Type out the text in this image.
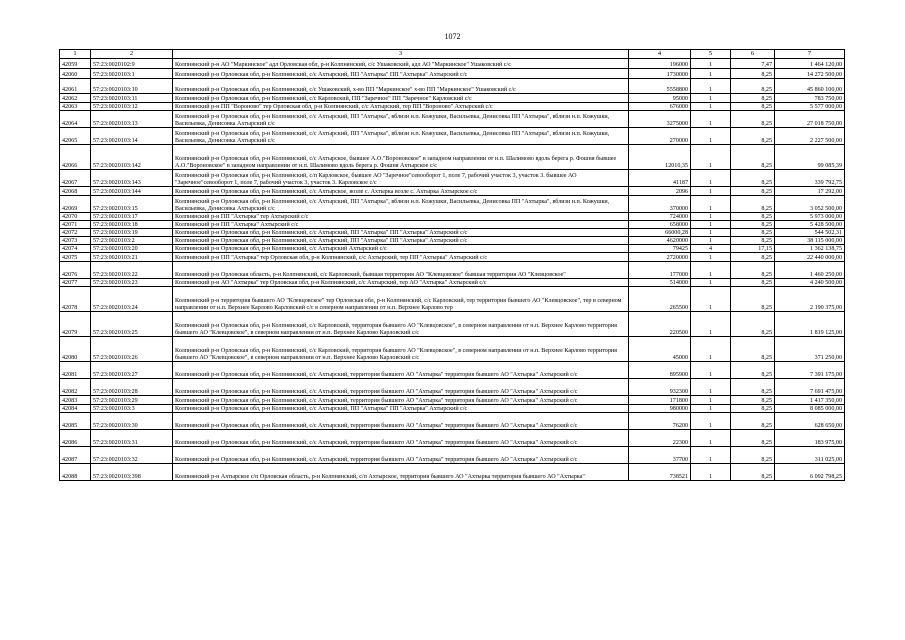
1072
1	2	3	4	5	6	7
42059	57:23:0020102:9	Колпнянский р-н АО "Маркинское" адл Орловская обл, р-н Колпнянский, с/с Ушаковский, адл АО "Маркинское" Ушаковский с/с	196000	1	7,47	1 464 120,00
42060	57:23:0020103:1	Колпнянский р-н Орловская обл, р-н Колпнянский, с/с Ахтырский, ПП "Ахтырка" ПП "Ахтырка" Ахтырский с/с	1730000	1	8,25	14 272 500,00
42061	57:23:0020103:10	Колпнянский р-н Орловская обл, р-н Колпнянский, с/с Ушаковский, х-во ПП "Маркинское" х-во ПП "Маркинское" Ушаковский с/с	5558800	1	8,25	45 860 100,00
42062	57:23:0020103:11	Колпнянский р-н Орловская обл, р-н Колпнянский, с/с Карловский, ПП "Заречное" ПП "Заречное" Карловский с/с	95000	1	8,25	783 750,00
42063	57:23:0020103:12	Колпнянский р-н ПП "Вороново" тер Орловская обл, р-н Колпнянский, с/с Ахтырский, тер ПП "Вороново" Ахтырский с/с	676000	1	8,25	5 577 000,00
42064	57:23:0020103:13	Колпнянский р-н Орловская обл, р-н Колпнянский, с/с Ахтырский, ПП "Ахтырка", вблизи н.п. Кожушки, Васильевка, Денисовка ПП "Ахтырка", вблизи н.п. Кожушки, Васильевка, Денисовка Ахтырский с/с	3275000	1	8,25	27 018 750,00
42065	57:23:0020103:14	Колпнянский р-н Орловская обл, р-н Колпнянский, с/с Ахтырский, ПП "Ахтырка", вблизи н.п. Кожушки, Васильевка, Денисовка ПП "Ахтырка", вблизи н.п. Кожушки, Васильевка, Денисовка Ахтырский с/с	270000	1	8,25	2 227 500,00
42066	57:23:0020103:142	Колпнянский р-н Орловская обл, р-н Колпнянский, с/с Ахтырское, бывшее А.О."Вороновское" в западном направлении от н.п. Шалимово вдоль берега р. Фошня бывшее А.О."Вороновское" в западном направлении от н.п. Шалимово вдоль берега р. Фошня Ахтырское с/с	12010,35	1	8,25	99 085,39
42067	57:23:0020103:143	Колпнянский р-н Орловская обл, р-н Колпнянский, с/п Карловское, бывшее АО "Заречное"севооборот 1, поле 7, рабочий участок 3, участок 3. бывшее АО "Заречное"севооборот 1, поле 7, рабочий участок 3, участок 3. Карловское с/с	41187	1	8,25	339 792,75
42068	57:23:0020103:144	Колпнянский р-н Орловская обл, р-н Колпнянский, с/с Ахтырское, возле с. Ахтырка возле с. Ахтырка Ахтырское с/с	2096	1	8,25	17 292,00
42069	57:23:0020103:15	Колпнянский р-н Орловская обл, р-н Колпнянский, с/с Ахтырский, ПП "Ахтырка", вблизи н.п. Кожушки, Васильевка, Денисовка ПП "Ахтырка", вблизи н.п. Кожушки, Васильевка, Денисовка Ахтырский с/с	370000	1	8,25	3 052 500,00
42070	57:23:0020103:17	Колпнянский р-н ПП "Ахтырка" тер Ахтырский с/с	724000	1	8,25	5 973 000,00
42071	57:23:0020103:18	Колпнянский р-н ПП "Ахтырка" Ахтырский с/с	658000	1	8,25	5 428 500,00
42072	57:23:0020103:19	Колпнянский р-н Орловская обл, р-н Колпнянский, с/с Ахтырский, ПП "Ахтырка" ПП "Ахтырка" Ахтырский с/с	66000,28	1	8,25	544 502,31
42073	57:23:0020103:2	Колпнянский р-н Орловская обл, р-н Колпнянский, с/с Ахтырский, ПП "Ахтырка" ПП "Ахтырка" Ахтырский с/с	4620000	1	8,25	38 115 000,00
42074	57:23:0020103:20	Колпнянский р-н Орловская обл, р-н Колпнянский, с/с Ахтырский Ахтырский с/с	79425	4	17,15	1 362 138,75
42075	57:23:0020103:21	Колпнянский р-н ПП "Ахтырка" тер Орловская обл, р-н Колпнянский, с/с Ахтырский, тер ПП "Ахтырка" Ахтырский с/с	2720000	1	8,25	22 440 000,00
42076	57:23:0020103:22	Колпнянский р-н Орловская область, р-н Колпнянский, с/с Карловский, бывшая территория АО "Клевцовское" бывшая территория АО "Клевцовское"	177000	1	8,25	1 460 250,00
42077	57:23:0020103:23	Колпнянский р-н АО "Ахтырка" тер Орловская обл, р-н Колпнянский, с/с Ахтырский, тер АО "Ахтырка" Ахтырский с/с	514000	1	8,25	4 240 500,00
42078	57:23:0020103:24	Колпнянский р-н территория бывшего АО "Клевцовское" тер Орловская обл, р-н Колпнянский, с/с Карловский, тер территория бывшего АО "Клевцовское", тер в северном направлении от н.п. Верхнее Карлово Карловский с/с в северном направлении от н.п. Верхнее Карлово тер	265500	1	8,25	2 190 375,00
42079	57:23:0020103:25	Колпнянский р-н Орловская обл, р-н Колпнянский, с/с Карловский, территория бывшего АО "Клевцовское", в северном направлении от н.п. Верхнее Карлово территория бывшего АО "Клевцовское", в северном направлении от н.п. Верхнее Карлово Карловский с/с	220500	1	8,25	1 819 125,00
42080	57:23:0020103:26	Колпнянский р-н Орловская обл, р-н Колпнянский, с/с Карловский, территория бывшего АО "Клевцовское", в северном направлении от н.п. Верхнее Карлово территория бывшего АО "Клевцовское", в северном направлении от н.п. Верхнее Карлово Карловский с/с	45000	1	8,25	371 250,00
42081	57:23:0020103:27	Колпнянский р-н Орловская обл, р-н Колпнянский, с/с Ахтырский, территория бывшего АО "Ахтырка" территория бывшего АО "Ахтырка" Ахтырский с/с	895900	1	8,25	7 391 175,00
42082	57:23:0020103:28	Колпнянский р-н Орловская обл, р-н Колпнянский, с/с Ахтырский, территория бывшего АО "Ахтырка" территория бывшего АО "Ахтырка" Ахтырский с/с	932300	1	8,25	7 691 475,00
42083	57:23:0020103:29	Колпнянский р-н Орловская обл, р-н Колпнянский, с/с Ахтырский, территория бывшего АО "Ахтырка" территория бывшего АО "Ахтырка" Ахтырский с/с	171800	1	8,25	1 417 350,00
42084	57:23:0020103:3	Колпнянский р-н Орловская обл, р-н Колпнянский, с/с Ахтырский, ПП "Ахтырка" ПП "Ахтырка" Ахтырский с/с	980000	1	8,25	8 085 000,00
42085	57:23:0020103:30	Колпнянский р-н Орловская обл, р-н Колпнянский, с/с Ахтырский, территория бывшего АО "Ахтырка" территория бывшего АО "Ахтырка" Ахтырский с/с	76200	1	8,25	628 650,00
42086	57:23:0020103:31	Колпнянский р-н Орловская обл, р-н Колпнянский, с/с Ахтырский, территория бывшего АО "Ахтырка" территория бывшего АО "Ахтырка" Ахтырский с/с	22300	1	8,25	183 975,00
42087	57:23:0020103:32	Колпнянский р-н Орловская обл, р-н Колпнянский, с/с Ахтырский, территория бывшего АО "Ахтырка" территория бывшего АО "Ахтырка" Ахтырский с/с	37700	1	8,25	311 025,00
42088	57:23:0020103:398	Колпнянский р-н Ахтырское с/п Орловская область, р-н Колпнянский, с/п Ахтырское, территория бывшего АО "Ахтырка территория бывшего АО "Ахтырка"	738521	1	8,25	6 092 798,25
